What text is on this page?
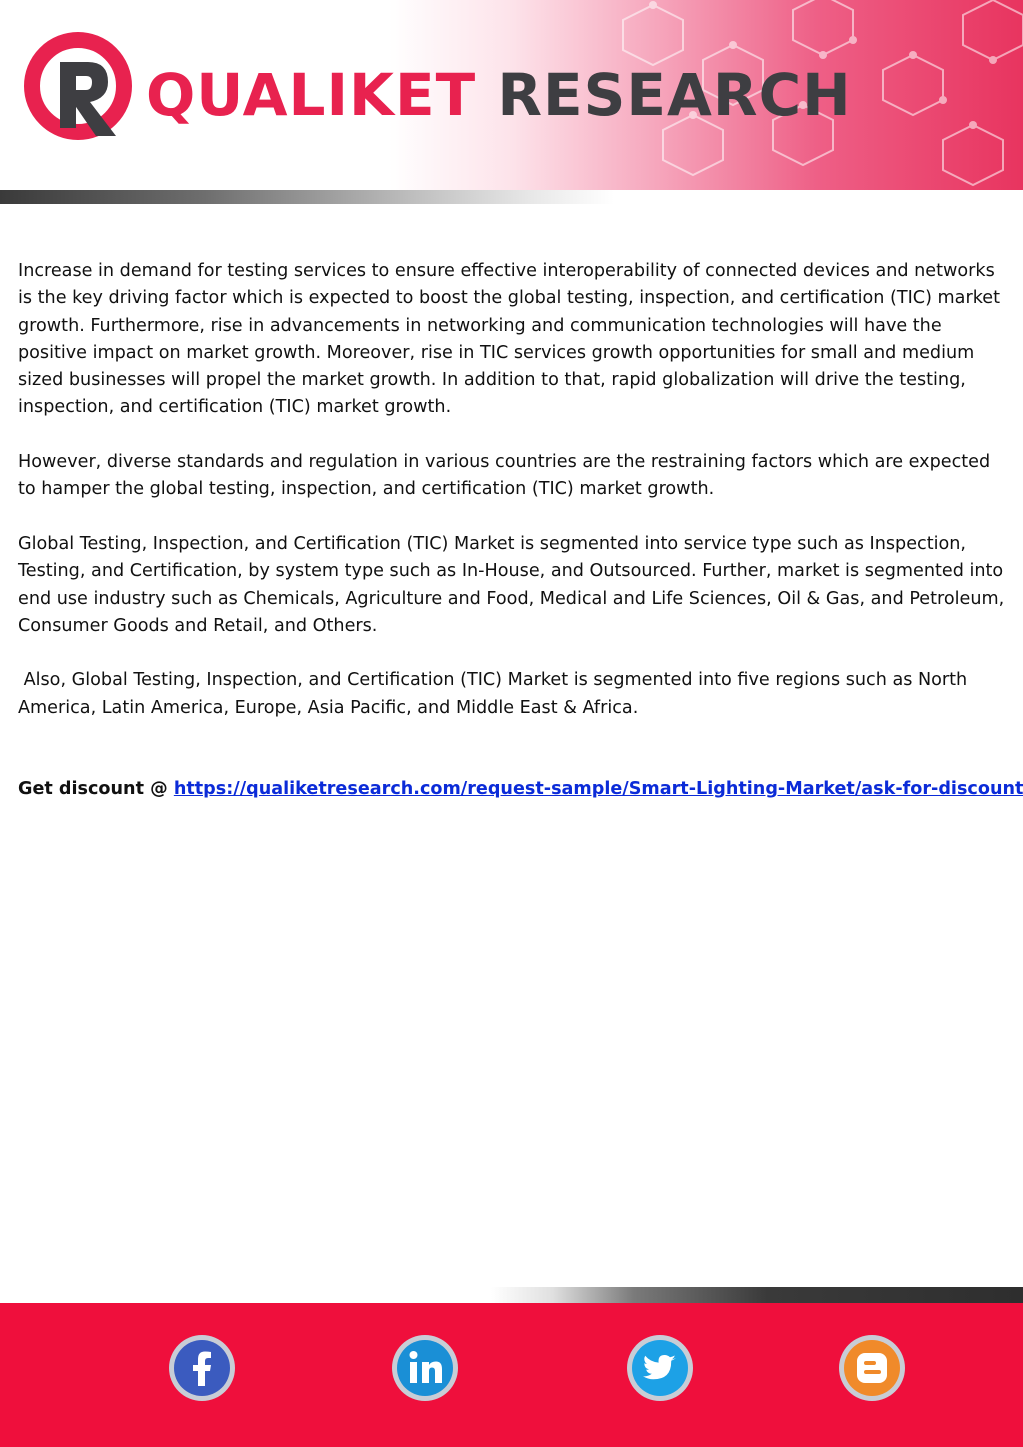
QUALIKET RESEARCH

Increase in demand for testing services to ensure effective interoperability of connected devices and networks is the key driving factor which is expected to boost the global testing, inspection, and certification (TIC) market growth. Furthermore, rise in advancements in networking and communication technologies will have the positive impact on market growth. Moreover, rise in TIC services growth opportunities for small and medium sized businesses will propel the market growth. In addition to that, rapid globalization will drive the testing, inspection, and certification (TIC) market growth.

However, diverse standards and regulation in various countries are the restraining factors which are expected to hamper the global testing, inspection, and certification (TIC) market growth.

Global Testing, Inspection, and Certification (TIC) Market is segmented into service type such as Inspection, Testing, and Certification, by system type such as In-House, and Outsourced. Further, market is segmented into end use industry such as Chemicals, Agriculture and Food, Medical and Life Sciences, Oil & Gas, and Petroleum, Consumer Goods and Retail, and Others.

Also, Global Testing, Inspection, and Certification (TIC) Market is segmented into five regions such as North America, Latin America, Europe, Asia Pacific, and Middle East & Africa.

Get discount @ https://qualiketresearch.com/request-sample/Smart-Lighting-Market/ask-for-discount
